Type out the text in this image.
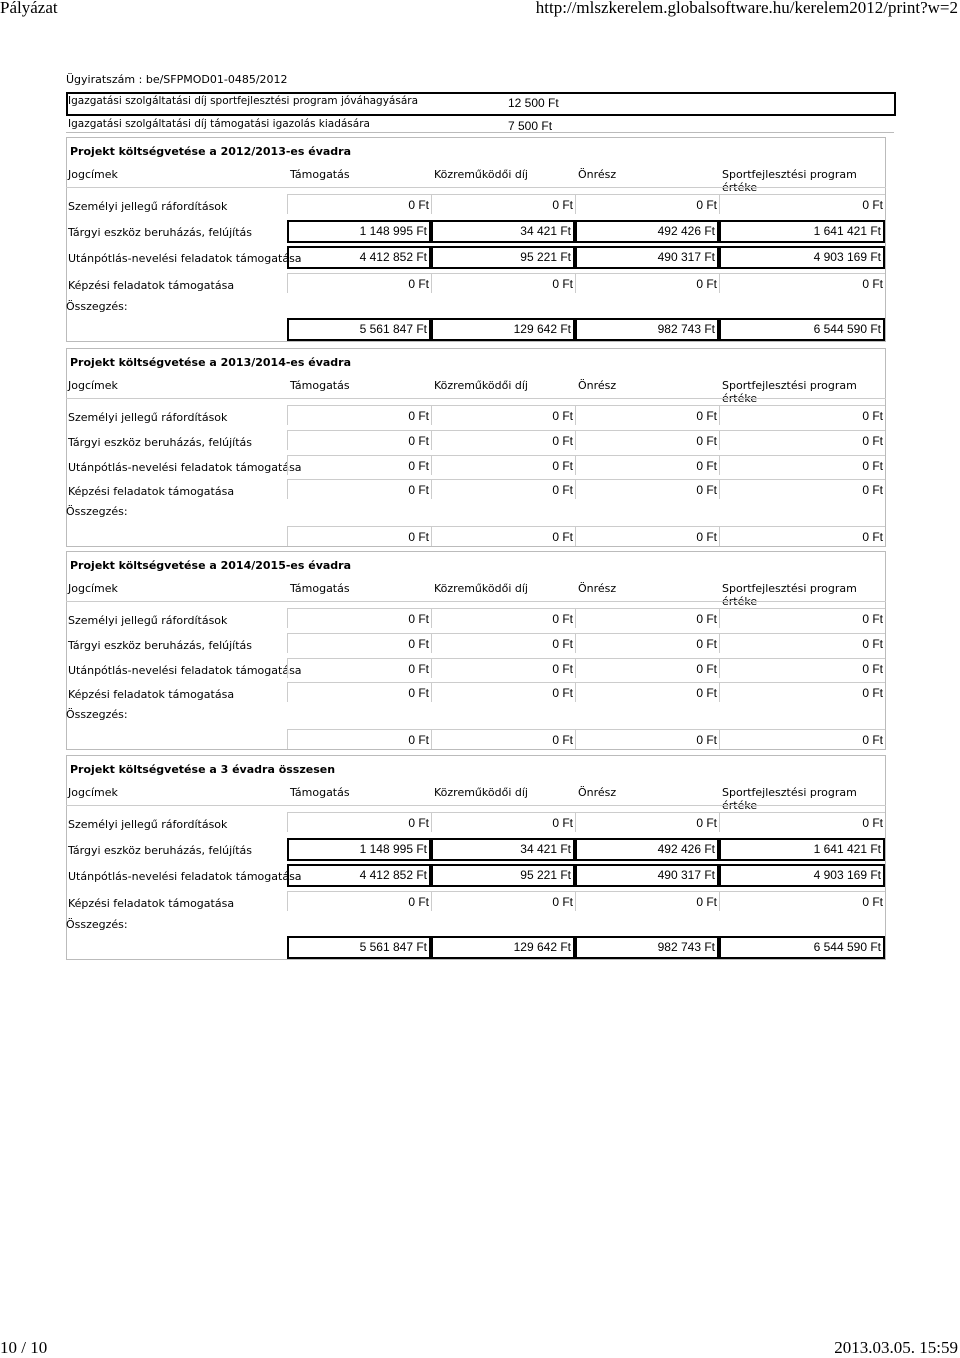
Pályázat	http://mlszkerelem.globalsoftware.hu/kerelem2012/print?w=2
Ügyiratszám : be/SFPMOD01-0485/2012
Igazgatási szolgáltatási díj sportfejlesztési program jóváhagyására	12 500 Ft
Igazgatási szolgáltatási díj támogatási igazolás kiadására	7 500 Ft
Projekt költségvetése a 2012/2013-es évadra
Jogcímek	Támogatás	Közreműködői díj	Önrész	Sportfejlesztési program értéke
Személyi jellegű ráfordítások	0 Ft	0 Ft	0 Ft	0 Ft
Tárgyi eszköz beruházás, felújítás	1 148 995 Ft	34 421 Ft	492 426 Ft	1 641 421 Ft
Utánpótlás-nevelési feladatok támogatása	4 412 852 Ft	95 221 Ft	490 317 Ft	4 903 169 Ft
Képzési feladatok támogatása	0 Ft	0 Ft	0 Ft	0 Ft
Összegzés:
5 561 847 Ft	129 642 Ft	982 743 Ft	6 544 590 Ft
Projekt költségvetése a 2013/2014-es évadra
Jogcímek	Támogatás	Közreműködői díj	Önrész	Sportfejlesztési program értéke
Személyi jellegű ráfordítások	0 Ft	0 Ft	0 Ft	0 Ft
Tárgyi eszköz beruházás, felújítás	0 Ft	0 Ft	0 Ft	0 Ft
Utánpótlás-nevelési feladatok támogatása	0 Ft	0 Ft	0 Ft	0 Ft
Képzési feladatok támogatása	0 Ft	0 Ft	0 Ft	0 Ft
Összegzés:
0 Ft	0 Ft	0 Ft	0 Ft
Projekt költségvetése a 2014/2015-es évadra
Jogcímek	Támogatás	Közreműködői díj	Önrész	Sportfejlesztési program értéke
Személyi jellegű ráfordítások	0 Ft	0 Ft	0 Ft	0 Ft
Tárgyi eszköz beruházás, felújítás	0 Ft	0 Ft	0 Ft	0 Ft
Utánpótlás-nevelési feladatok támogatása	0 Ft	0 Ft	0 Ft	0 Ft
Képzési feladatok támogatása	0 Ft	0 Ft	0 Ft	0 Ft
Összegzés:
0 Ft	0 Ft	0 Ft	0 Ft
Projekt költségvetése a 3 évadra összesen
Jogcímek	Támogatás	Közreműködői díj	Önrész	Sportfejlesztési program értéke
Személyi jellegű ráfordítások	0 Ft	0 Ft	0 Ft	0 Ft
Tárgyi eszköz beruházás, felújítás	1 148 995 Ft	34 421 Ft	492 426 Ft	1 641 421 Ft
Utánpótlás-nevelési feladatok támogatása	4 412 852 Ft	95 221 Ft	490 317 Ft	4 903 169 Ft
Képzési feladatok támogatása	0 Ft	0 Ft	0 Ft	0 Ft
Összegzés:
5 561 847 Ft	129 642 Ft	982 743 Ft	6 544 590 Ft
10 / 10	2013.03.05. 15:59
